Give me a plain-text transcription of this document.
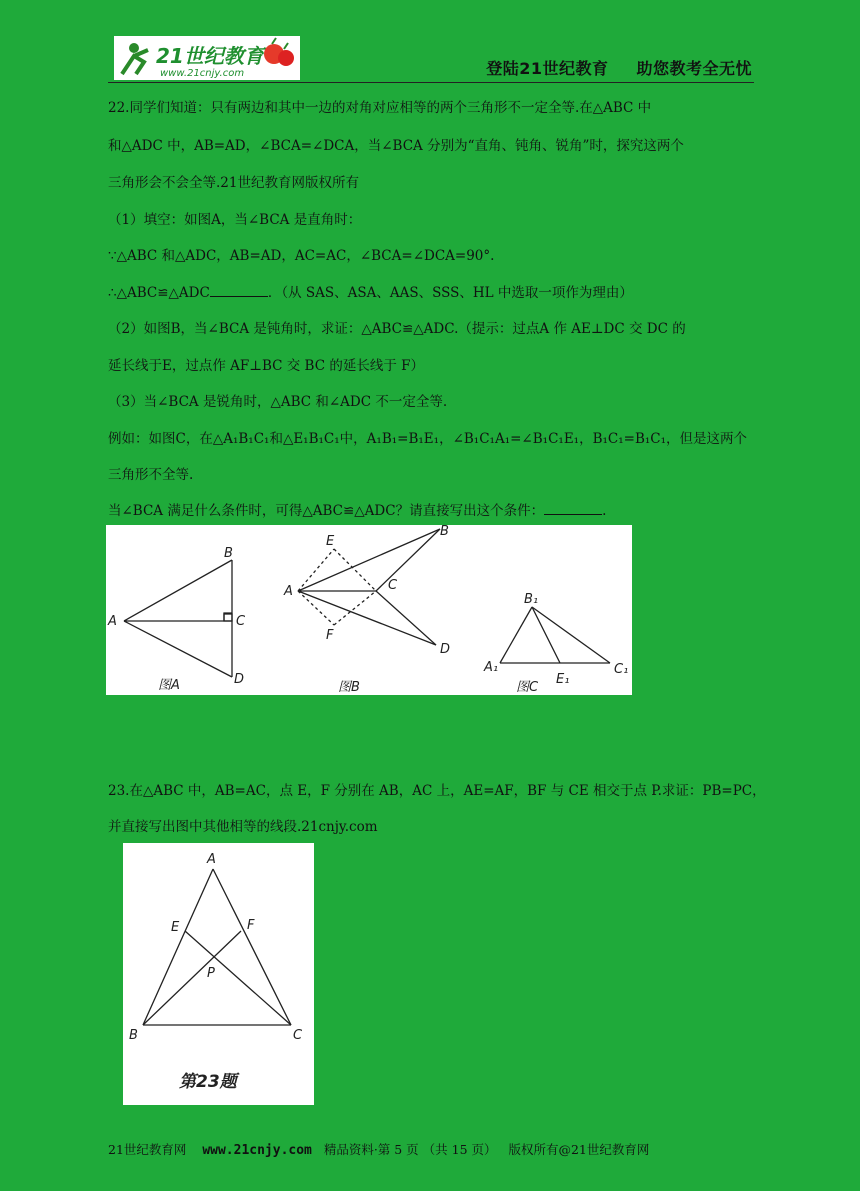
21世纪教育
www.21cnjy.com	登陆21世纪教育 助您教考全无忧
22.同学们知道：只有两边和其中一边的对角对应相等的两个三角形不一定全等.在△ABC 中
和△ADC 中，AB=AD，∠BCA=∠DCA，当∠BCA 分别为“直角、钝角、锐角”时，探究这两个
三角形会不会全等.21世纪教育网版权所有
（1）填空：如图A，当∠BCA 是直角时：
∵△ABC 和△ADC，AB=AD，AC=AC，∠BCA=∠DCA=90°.
∴△ABC≌△ADC	．（从 SAS、ASA、AAS、SSS、HL 中选取一项作为理由）
（2）如图B，当∠BCA 是钝角时，求证：△ABC≌△ADC.（提示：过点A 作 AE⊥DC 交 DC 的
延长线于E，过点作 AF⊥BC 交 BC 的延长线于 F）
（3）当∠BCA 是锐角时，△ABC 和∠ADC 不一定全等.
例如：如图C，在△A₁B₁C₁和△E₁B₁C₁中，A₁B₁=B₁E₁，∠B₁C₁A₁=∠B₁C₁E₁，B₁C₁=B₁C₁，但是这两个
三角形不全等.
当∠BCA 满足什么条件时，可得△ABC≌△ADC？请直接写出这个条件：	.
A
B
C
D
图A
A
B
C
D
E
F
图B
B₁
A₁	C₁
E₁
图C
23.在△ABC 中，AB=AC，点 E，F 分别在 AB，AC 上，AE=AF，BF 与 CE 相交于点 P.求证：PB=PC，
并直接写出图中其他相等的线段.21cnjy.com
A
E	F
P
B	C
第23题
21世纪教育网 www.21cnjy.com 精品资料·第 5 页 （共 15 页） 版权所有@21世纪教育网
